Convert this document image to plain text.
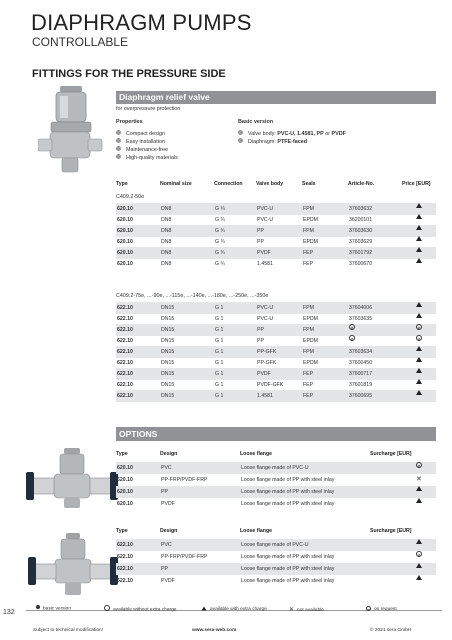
DIAPHRAGM PUMPS
CONTROLLABLE
FITTINGS FOR THE PRESSURE SIDE
Diaphragm relief valve
for overpressure protection
Properties	Basic version
Compact design
Easy installation
Maintenance-free
High-quality materials
Valve body: PVC-U, 1.4581, PP or PVDF
Diaphragm: PTFE-faced
Type	Nominal size	Connection	Valve body	Seals	Article-No.	Price [EUR]
C409.2-50e
620.10	DN8	G ¾	PVC-U	FPM	37603632
620.10	DN8	G ¾	PVC-U	EPDM	36200101
620.10	DN8	G ¾	PP	FPM	37603630
620.10	DN8	G ¾	PP	EPDM	37603629
620.10	DN8	G ¾	PVDF	FEP	37601792
620.10	DN8	G ¾	1.4581	FEP	37600670
C409.2-75e, ...-90e, ...-115e, ...-140e, ...-180e, ...-250e, ...-350e
622.10	DN15	G 1	PVC-U	FPM	37604006
622.10	DN15	G 1	PVC-U	EPDM	37603635
622.10	DN15	G 1	PP	FPM	⌀	⌀
622.10	DN15	G 1	PP	EPDM	⌀	⌀
622.10	DN15	G 1	PP-GFK	FPM	37603634
622.10	DN15	G 1	PP-GFK	EPDM	37600450
622.10	DN15	G 1	PVDF	FEP	37600717
622.10	DN15	G 1	PVDF-GFK	FEP	37601819
622.10	DN15	G 1	1.4581	FEP	37600695
OPTIONS
Type	Design	Loose flange	Surcharge [EUR]
620.10	PVC	Loose flange made of PVC-U	⌀
620.10	PP-FRP/PVDF-FRP	Loose flange made of PP with steel inlay	✕
620.10	PP	Loose flange made of PP with steel inlay
620.10	PVDF	Loose flange made of PP with steel inlay
Type	Design	Loose flange	Surcharge [EUR]
622.10	PVC	Loose flange made of PVC-U
622.10	PP-FRP/PVDF-FRP	Loose flange made of PP with steel inlay	⌀
622.10	PP	Loose flange made of PP with steel inlay
622.10	PVDF	Loose flange made of PP with steel inlay
132
basic version	available without extra charge	available with extra charge	✕ not available	⌀ on request
Subject to technical modification!	www.sera-web.com	© 2021 sera GmbH
